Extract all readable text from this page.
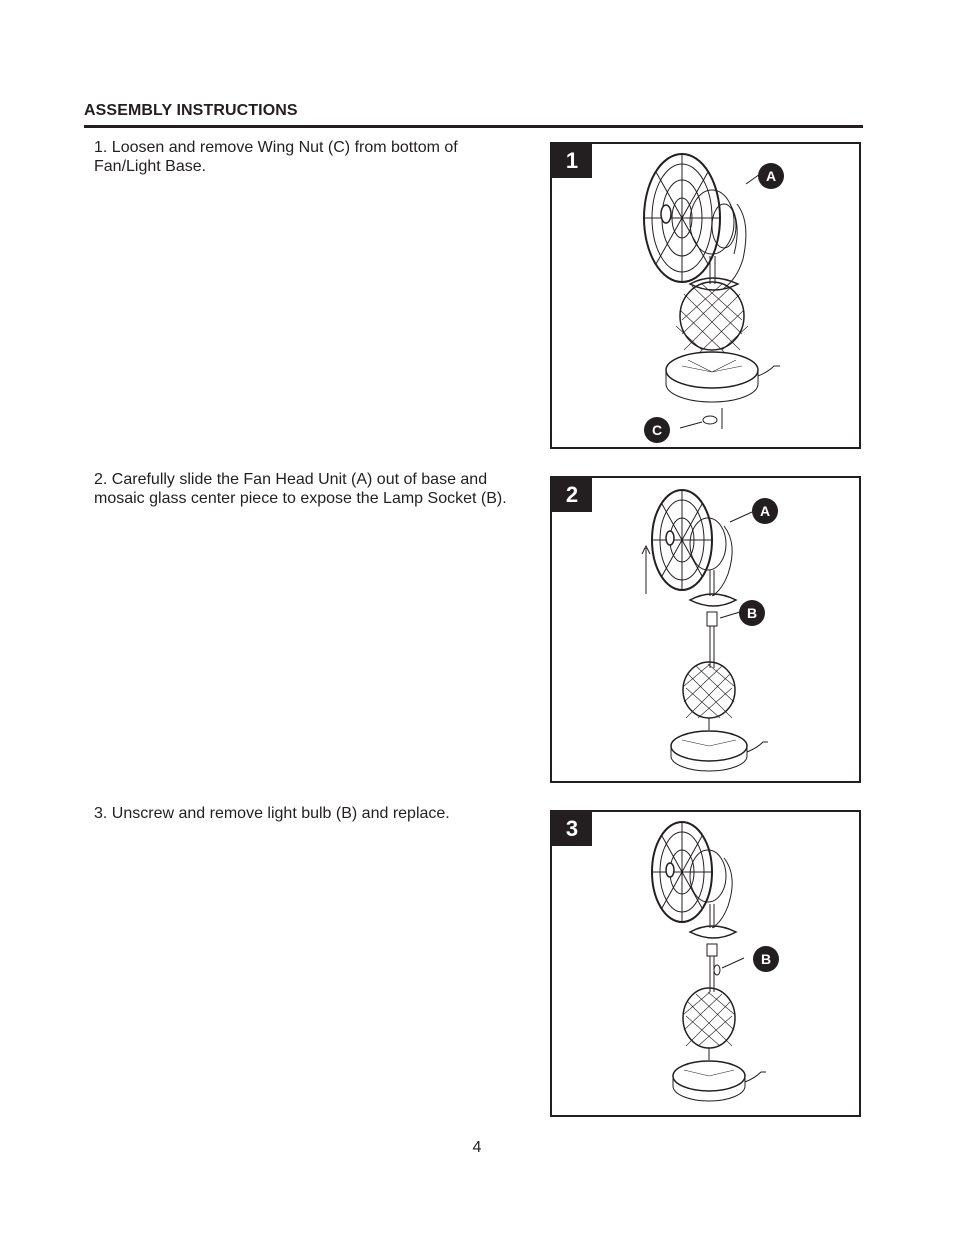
ASSEMBLY INSTRUCTIONS
1. Loosen and remove Wing Nut (C) from bottom of
Fan/Light Base.	1
A
C
2. Carefully slide the Fan Head Unit (A) out of base and
mosaic glass center piece to expose the Lamp Socket (B).	2
A
B
3. Unscrew and remove light bulb (B) and replace.
3
B
4
